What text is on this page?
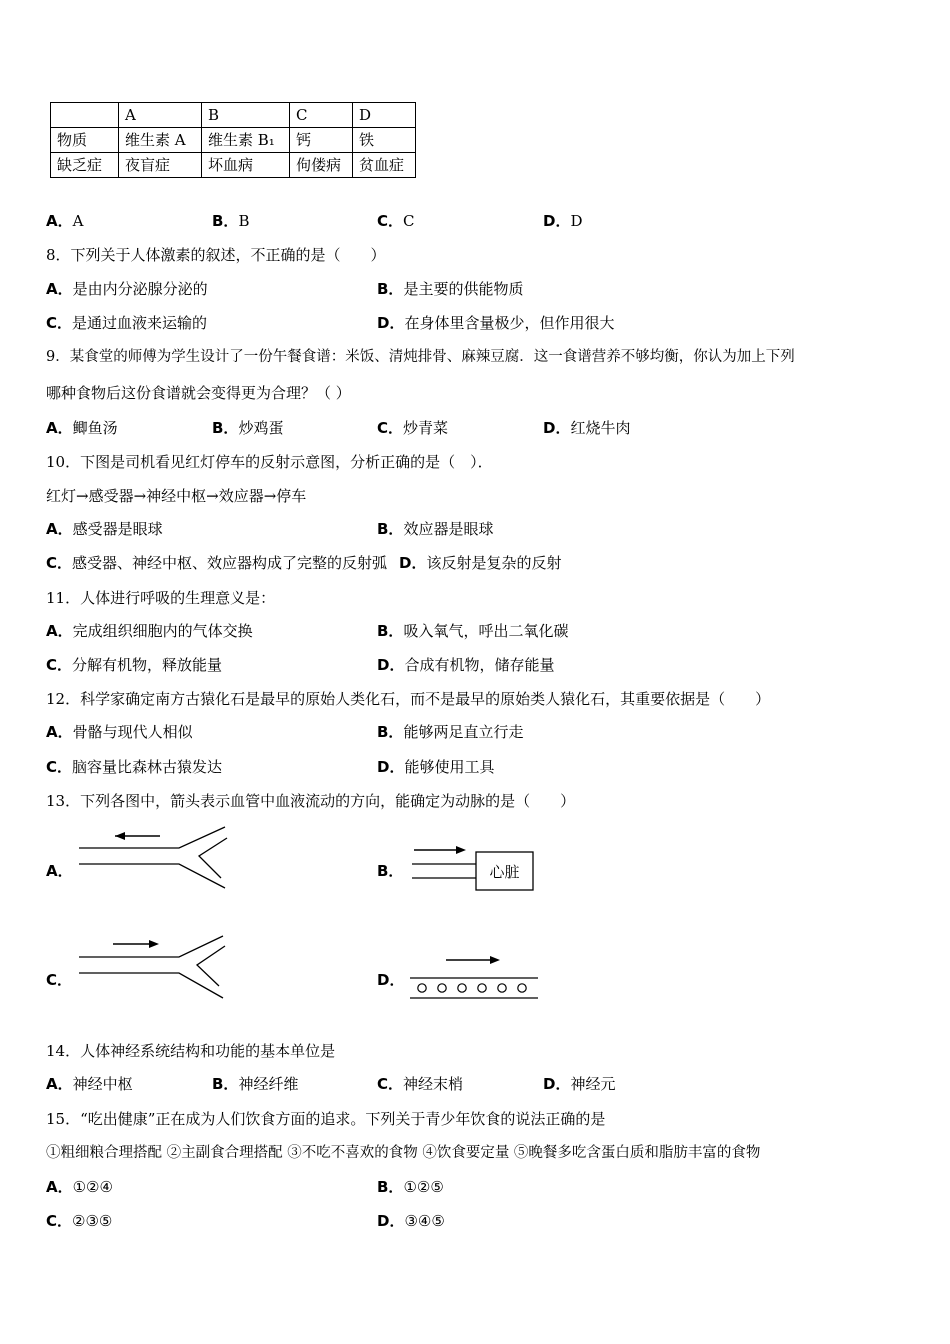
	A	B	C	D
物质	维生素 A	维生素 B₁	钙	铁
缺乏症	夜盲症	坏血病	佝偻病	贫血症
A．A	B．B	C．C	D．D
8．下列关于人体激素的叙述，不正确的是（　　）
A．是由内分泌腺分泌的	B．是主要的供能物质
C．是通过血液来运输的	D．在身体里含量极少，但作用很大
9．某食堂的师傅为学生设计了一份午餐食谱：米饭、清炖排骨、麻辣豆腐．这一食谱营养不够均衡，你认为加上下列
哪种食物后这份食谱就会变得更为合理？（ ）
A．鲫鱼汤	B．炒鸡蛋	C．炒青菜	D．红烧牛肉
10．下图是司机看见红灯停车的反射示意图，分析正确的是（　）．
红灯→感受器→神经中枢→效应器→停车
A．感受器是眼球	B．效应器是眼球
C．感受器、神经中枢、效应器构成了完整的反射弧 D．该反射是复杂的反射
11．人体进行呼吸的生理意义是：
A．完成组织细胞内的气体交换	B．吸入氧气，呼出二氧化碳
C．分解有机物，释放能量	D．合成有机物，储存能量
12．科学家确定南方古猿化石是最早的原始人类化石，而不是最早的原始类人猿化石，其重要依据是（　　）
A．骨骼与现代人相似	B．能够两足直立行走
C．脑容量比森林古猿发达	D．能够使用工具
13．下列各图中，箭头表示血管中血液流动的方向，能确定为动脉的是（　　）
A．	B．	心脏
C．	D．
14．人体神经系统结构和功能的基本单位是
A．神经中枢	B．神经纤维	C．神经末梢	D．神经元
15．“吃出健康”正在成为人们饮食方面的追求。下列关于青少年饮食的说法正确的是
①粗细粮合理搭配 ②主副食合理搭配 ③不吃不喜欢的食物 ④饮食要定量 ⑤晚餐多吃含蛋白质和脂肪丰富的食物
A．①②④	B．①②⑤
C．②③⑤	D．③④⑤
